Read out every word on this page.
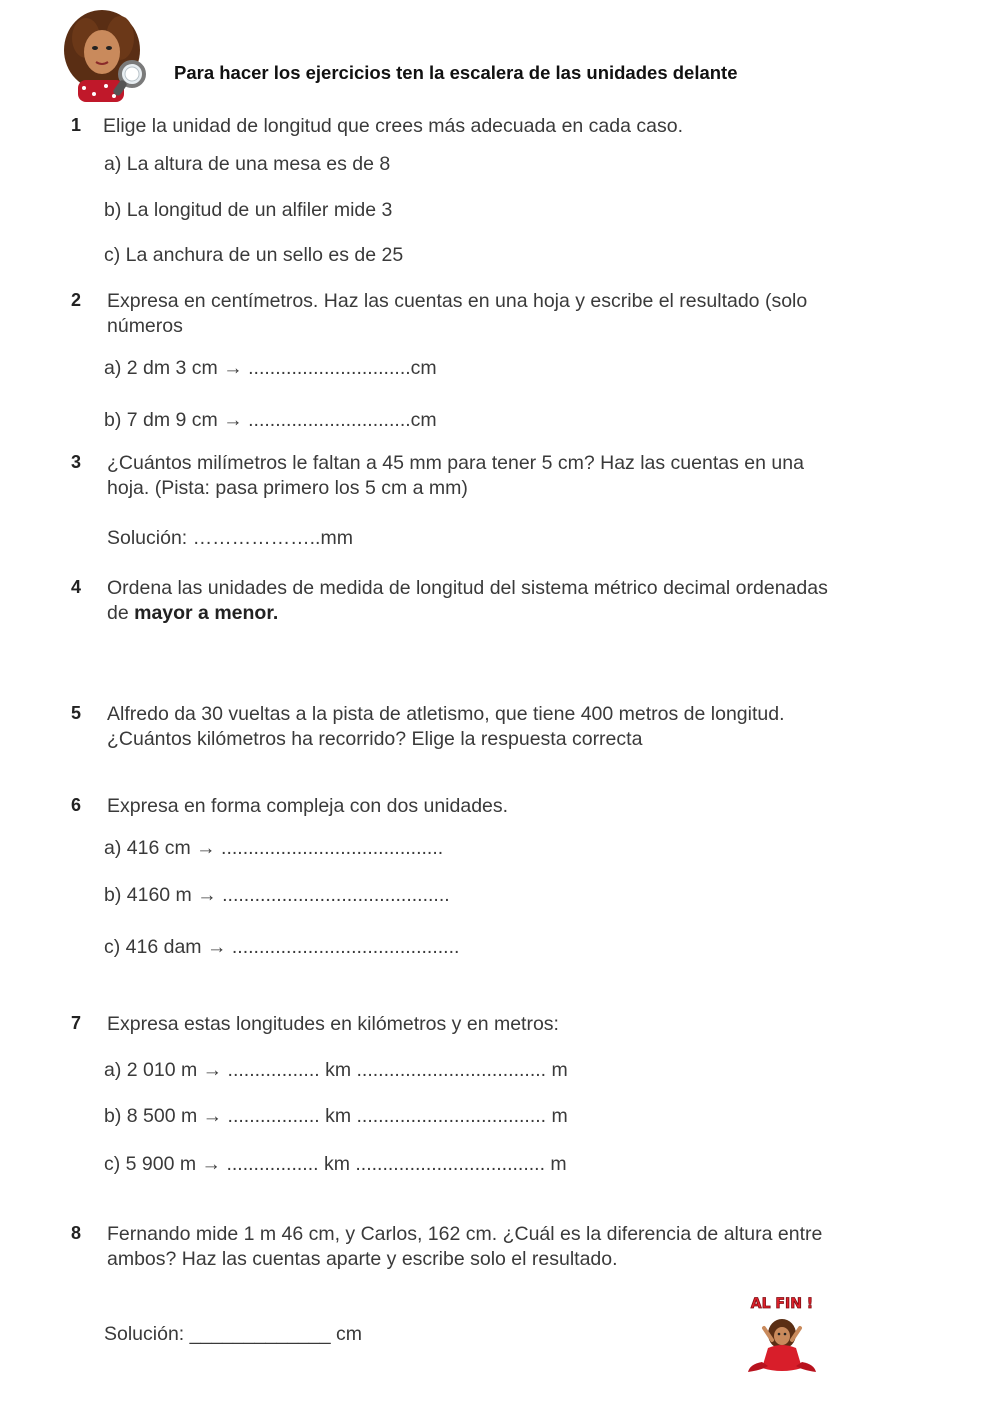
Para hacer los ejercicios ten la escalera de las unidades delante
1 Elige la unidad de longitud que crees más adecuada en cada caso.
a) La altura de una mesa es de 8
b) La longitud de un alfiler mide 3
c) La anchura de un sello es de 25
2 Expresa en centímetros. Haz las cuentas en una hoja y escribe el resultado (solo
números
a) 2 dm 3 cm → ..............................cm
b) 7 dm 9 cm → ..............................cm
3 ¿Cuántos milímetros le faltan a 45 mm para tener 5 cm? Haz las cuentas en una
hoja. (Pista: pasa primero los 5 cm a mm)
Solución: ………………..mm
4 Ordena las unidades de medida de longitud del sistema métrico decimal ordenadas
de mayor a menor.
5 Alfredo da 30 vueltas a la pista de atletismo, que tiene 400 metros de longitud.
¿Cuántos kilómetros ha recorrido? Elige la respuesta correcta
6 Expresa en forma compleja con dos unidades.
a) 416 cm → .........................................
b) 4160 m → ..........................................
c) 416 dam → ..........................................
7 Expresa estas longitudes en kilómetros y en metros:
a) 2 010 m → ................. km ................................... m
b) 8 500 m → ................. km ................................... m
c) 5 900 m → ................. km ................................... m
8 Fernando mide 1 m 46 cm, y Carlos, 162 cm. ¿Cuál es la diferencia de altura entre
ambos? Haz las cuentas aparte y escribe solo el resultado.
Solución: _____________ cm
AL FIN !
